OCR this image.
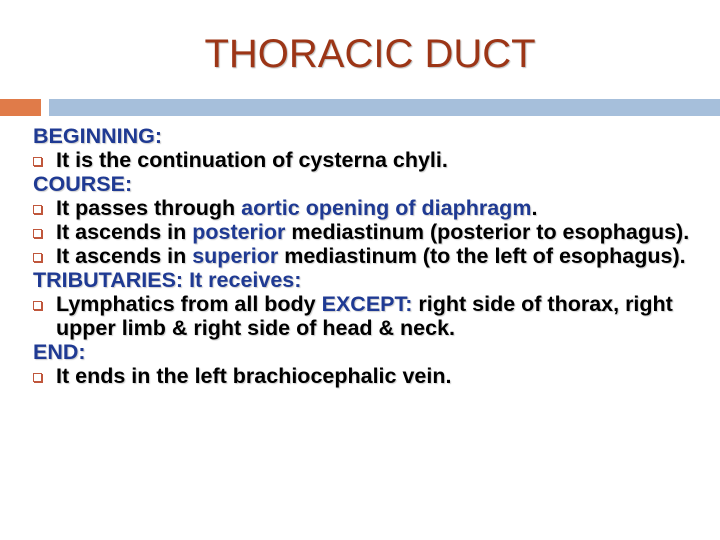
THORACIC DUCT
BEGINNING:
It is the continuation of cysterna chyli.
COURSE:
It passes through aortic opening of diaphragm.
It ascends in posterior mediastinum (posterior to esophagus).
It ascends in superior mediastinum (to the left of esophagus).
TRIBUTARIES: It receives:
Lymphatics from all body EXCEPT: right side of thorax, right upper limb & right side of head & neck.
END:
It ends in the left brachiocephalic vein.
